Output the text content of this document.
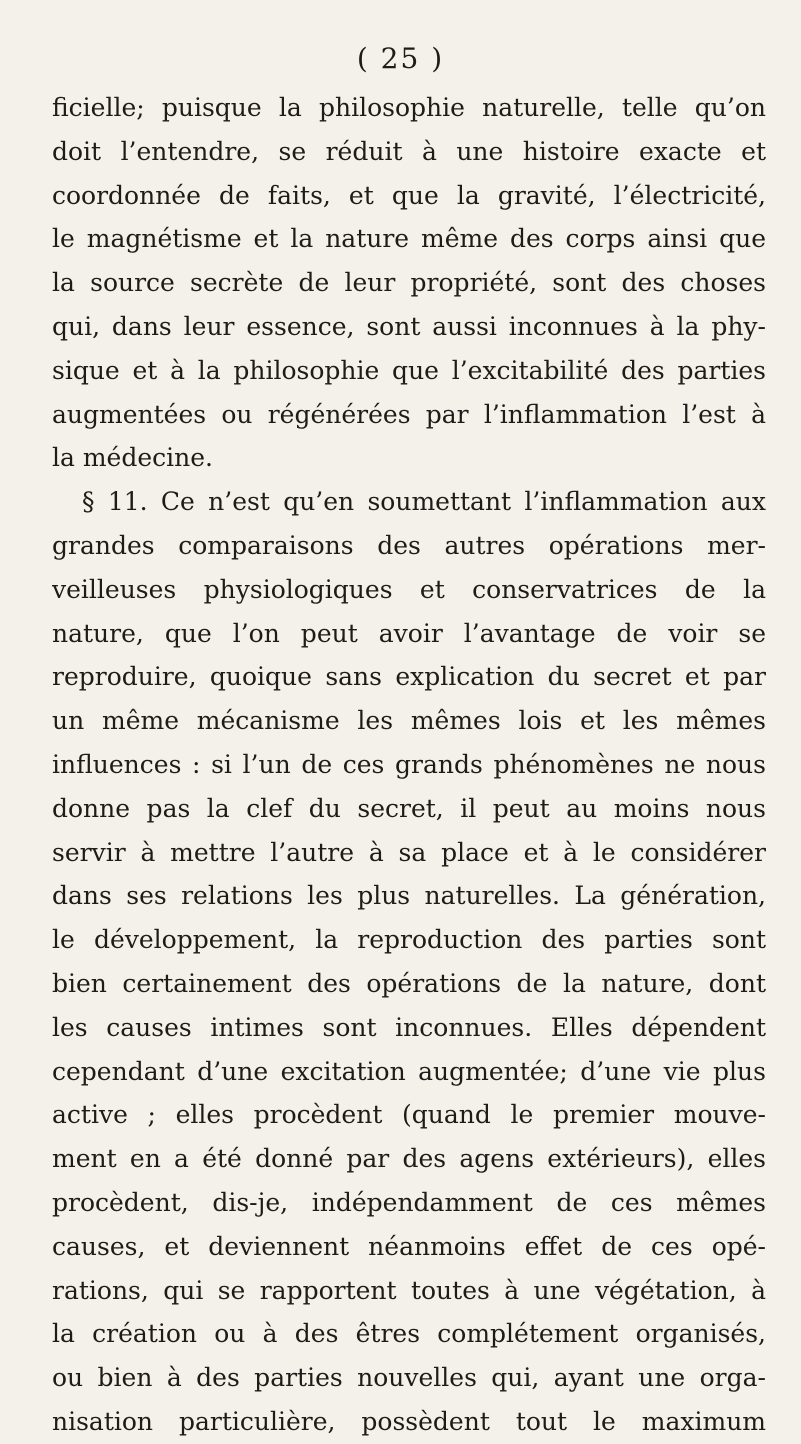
( 25 )
ficielle; puisque la philosophie naturelle, telle qu’on
doit l’entendre, se réduit à une histoire exacte et
coordonnée de faits, et que la gravité, l’électricité,
le magnétisme et la nature même des corps ainsi que
la source secrète de leur propriété, sont des choses
qui, dans leur essence, sont aussi inconnues à la phy-
sique et à la philosophie que l’excitabilité des parties
augmentées ou régénérées par l’inflammation l’est à
la médecine.
§ 11. Ce n’est qu’en soumettant l’inflammation aux
grandes comparaisons des autres opérations mer-
veilleuses physiologiques et conservatrices de la
nature, que l’on peut avoir l’avantage de voir se
reproduire, quoique sans explication du secret et par
un même mécanisme les mêmes lois et les mêmes
influences : si l’un de ces grands phénomènes ne nous
donne pas la clef du secret, il peut au moins nous
servir à mettre l’autre à sa place et à le considérer
dans ses relations les plus naturelles. La génération,
le développement, la reproduction des parties sont
bien certainement des opérations de la nature, dont
les causes intimes sont inconnues. Elles dépendent
cependant d’une excitation augmentée; d’une vie plus
active ; elles procèdent (quand le premier mouve-
ment en a été donné par des agens extérieurs), elles
procèdent, dis-je, indépendamment de ces mêmes
causes, et deviennent néanmoins effet de ces opé-
rations, qui se rapportent toutes à une végétation, à
la création ou à des êtres complétement organisés,
ou bien à des parties nouvelles qui, ayant une orga-
nisation particulière, possèdent tout le maximum
